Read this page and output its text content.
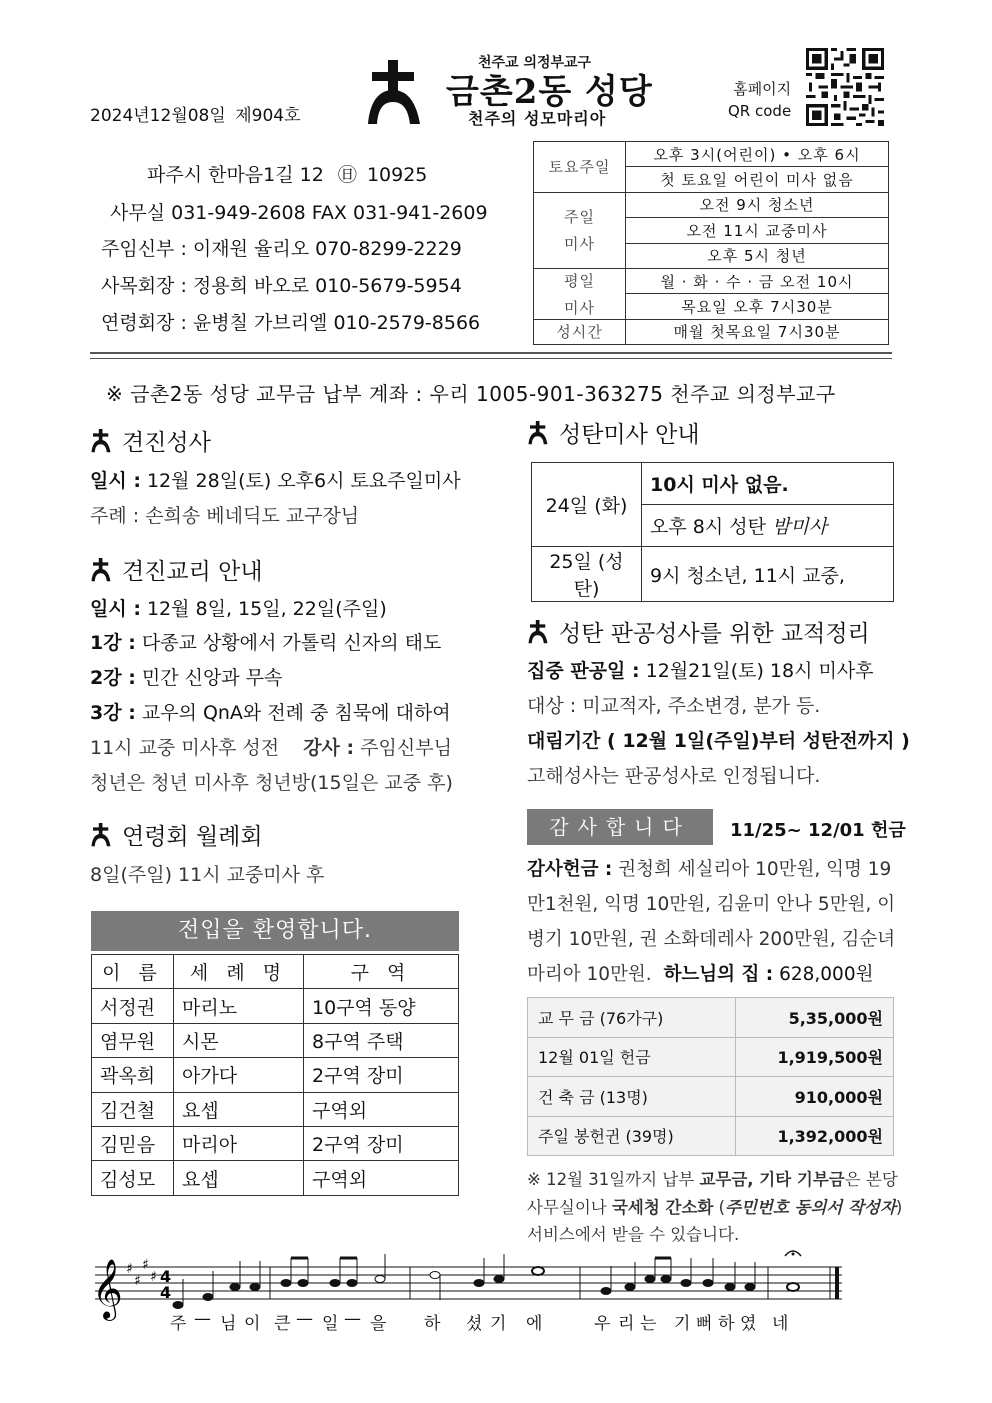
2024년12월08일 제904호
천주교 의정부교구
금촌2동 성당
천주의 성모마리아
홈페이지
QR code
파주시 한마음1길 12 ㊐ 10925
사무실 031-949-2608 FAX 031-941-2609
주임신부 : 이재원 율리오 070-8299-2229
사목회장 : 정용희 바오로 010-5679-5954
연령회장 : 윤병칠 가브리엘 010-2579-8566
토요주일	오후 3시(어린이) • 오후 6시
	첫 토요일 어린이 미사 없음

주일
미사	오전 9시 청소년
	오전 11시 교중미사
	오후 5시 청년

평일
미사	월 · 화 · 수 · 금 오전 10시
	목요일 오후 7시30분
성시간	매월 첫목요일 7시30분
※ 금촌2동 성당 교무금 납부 계좌 : 우리 1005-901-363275 천주교 의정부교구
견진성사
일시 : 12월 28일(토) 오후6시 토요주일미사
주례 : 손희송 베네딕도 교구장님
견진교리 안내
일시 : 12월 8일, 15일, 22일(주일)
1강 : 다종교 상황에서 가톨릭 신자의 태도
2강 : 민간 신앙과 무속
3강 : 교우의 QnA와 전례 중 침묵에 대하여
11시 교중 미사후 성전 강사 : 주임신부님
청년은 청년 미사후 청년방(15일은 교중 후)
연령회 월례회
8일(주일) 11시 교중미사 후
전입을 환영합니다.
이 름	세 례 명	구 역
서정권	마리노	10구역 동양
염무원	시몬	8구역 주택
곽옥희	아가다	2구역 장미
김건철	요셉	구역외
김믿음	마리아	2구역 장미
김성모	요셉	구역외
성탄미사 안내
24일 (화)	10시 미사 없음.
	오후 8시 성탄 밤미사
25일 (성탄)	9시 청소년, 11시 교중,
성탄 판공성사를 위한 교적정리
집중 판공일 : 12월21일(토) 18시 미사후
대상 : 미교적자, 주소변경, 분가 등.
대림기간 ( 12월 1일(주일)부터 성탄전까지 )
고해성사는 판공성사로 인정됩니다.
감사합니다	11/25~ 12/01 헌금
감사헌금 : 권청희 세실리아 10만원, 익명 19만1천원, 익명 10만원, 김윤미 안나 5만원, 이병기 10만원, 권 소화데레사 200만원, 김순녀 마리아 10만원. 하느님의 집 : 628,000원
교 무 금 (76가구)	5,35,000원
12월 01일 헌금	1,919,500원
건 축 금 (13명)	910,000원
주일 봉헌귄 (39명)	1,392,000원
※ 12월 31일까지 납부 교무금, 기타 기부금은 본당 사무실이나 국세청 간소화 (주민번호 동의서 작성자) 서비스에서 받을 수 있습니다.
𝄞 ♯
♯
♯
♯ 4
4
주 — 님 이 큰 — 일 — 을 하 셨 기 에	우 리 는 기 뻐 하 였 네
